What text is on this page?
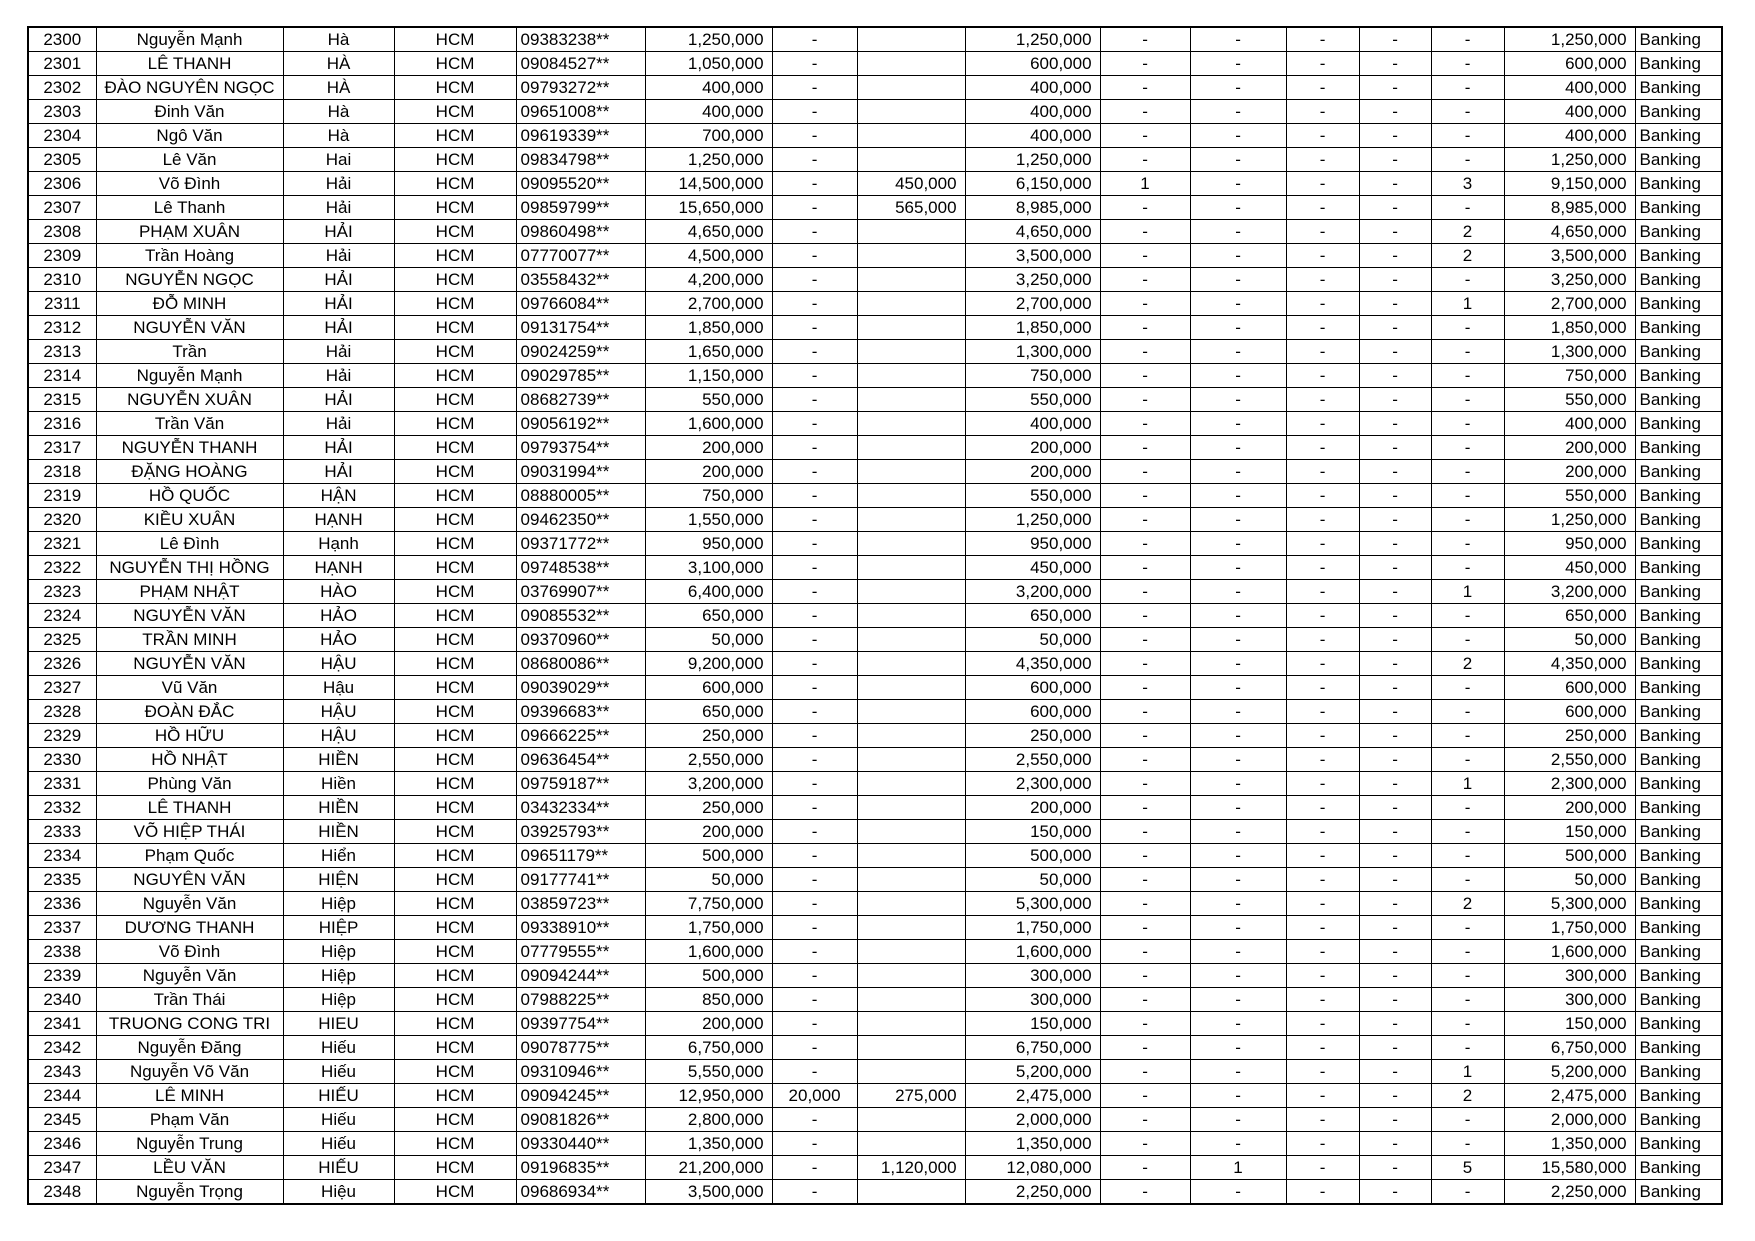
2300	Nguyễn Mạnh	Hà	HCM	09383238**	1,250,000	-		1,250,000	-	-	-	-	-	1,250,000	Banking
2301	LÊ THANH	HÀ	HCM	09084527**	1,050,000	-		600,000	-	-	-	-	-	600,000	Banking
2302	ĐÀO NGUYÊN NGỌC	HÀ	HCM	09793272**	400,000	-		400,000	-	-	-	-	-	400,000	Banking
2303	Đinh Văn	Hà	HCM	09651008**	400,000	-		400,000	-	-	-	-	-	400,000	Banking
2304	Ngô Văn	Hà	HCM	09619339**	700,000	-		400,000	-	-	-	-	-	400,000	Banking
2305	Lê Văn	Hai	HCM	09834798**	1,250,000	-		1,250,000	-	-	-	-	-	1,250,000	Banking
2306	Võ Đình	Hải	HCM	09095520**	14,500,000	-	450,000	6,150,000	1	-	-	-	3	9,150,000	Banking
2307	Lê Thanh	Hải	HCM	09859799**	15,650,000	-	565,000	8,985,000	-	-	-	-	-	8,985,000	Banking
2308	PHẠM XUÂN	HẢI	HCM	09860498**	4,650,000	-		4,650,000	-	-	-	-	2	4,650,000	Banking
2309	Trần Hoàng	Hải	HCM	07770077**	4,500,000	-		3,500,000	-	-	-	-	2	3,500,000	Banking
2310	NGUYỄN NGỌC	HẢI	HCM	03558432**	4,200,000	-		3,250,000	-	-	-	-	-	3,250,000	Banking
2311	ĐỖ MINH	HẢI	HCM	09766084**	2,700,000	-		2,700,000	-	-	-	-	1	2,700,000	Banking
2312	NGUYỄN VĂN	HẢI	HCM	09131754**	1,850,000	-		1,850,000	-	-	-	-	-	1,850,000	Banking
2313	Trần	Hải	HCM	09024259**	1,650,000	-		1,300,000	-	-	-	-	-	1,300,000	Banking
2314	Nguyễn Mạnh	Hải	HCM	09029785**	1,150,000	-		750,000	-	-	-	-	-	750,000	Banking
2315	NGUYỄN XUÂN	HẢI	HCM	08682739**	550,000	-		550,000	-	-	-	-	-	550,000	Banking
2316	Trần Văn	Hải	HCM	09056192**	1,600,000	-		400,000	-	-	-	-	-	400,000	Banking
2317	NGUYỄN THANH	HẢI	HCM	09793754**	200,000	-		200,000	-	-	-	-	-	200,000	Banking
2318	ĐẶNG HOÀNG	HẢI	HCM	09031994**	200,000	-		200,000	-	-	-	-	-	200,000	Banking
2319	HỒ QUỐC	HẬN	HCM	08880005**	750,000	-		550,000	-	-	-	-	-	550,000	Banking
2320	KIỀU XUÂN	HẠNH	HCM	09462350**	1,550,000	-		1,250,000	-	-	-	-	-	1,250,000	Banking
2321	Lê Đình	Hạnh	HCM	09371772**	950,000	-		950,000	-	-	-	-	-	950,000	Banking
2322	NGUYỄN THỊ HỒNG	HẠNH	HCM	09748538**	3,100,000	-		450,000	-	-	-	-	-	450,000	Banking
2323	PHẠM NHẬT	HÀO	HCM	03769907**	6,400,000	-		3,200,000	-	-	-	-	1	3,200,000	Banking
2324	NGUYỄN VĂN	HẢO	HCM	09085532**	650,000	-		650,000	-	-	-	-	-	650,000	Banking
2325	TRẦN MINH	HẢO	HCM	09370960**	50,000	-		50,000	-	-	-	-	-	50,000	Banking
2326	NGUYỄN VĂN	HẬU	HCM	08680086**	9,200,000	-		4,350,000	-	-	-	-	2	4,350,000	Banking
2327	Vũ Văn	Hậu	HCM	09039029**	600,000	-		600,000	-	-	-	-	-	600,000	Banking
2328	ĐOÀN ĐẮC	HẬU	HCM	09396683**	650,000	-		600,000	-	-	-	-	-	600,000	Banking
2329	HỒ HỮU	HẬU	HCM	09666225**	250,000	-		250,000	-	-	-	-	-	250,000	Banking
2330	HỒ NHẬT	HIỀN	HCM	09636454**	2,550,000	-		2,550,000	-	-	-	-	-	2,550,000	Banking
2331	Phùng Văn	Hiền	HCM	09759187**	3,200,000	-		2,300,000	-	-	-	-	1	2,300,000	Banking
2332	LÊ THANH	HIỀN	HCM	03432334**	250,000	-		200,000	-	-	-	-	-	200,000	Banking
2333	VÕ HIỆP THÁI	HIỀN	HCM	03925793**	200,000	-		150,000	-	-	-	-	-	150,000	Banking
2334	Phạm Quốc	Hiển	HCM	09651179**	500,000	-		500,000	-	-	-	-	-	500,000	Banking
2335	NGUYÊN VĂN	HIỆN	HCM	09177741**	50,000	-		50,000	-	-	-	-	-	50,000	Banking
2336	Nguyễn Văn	Hiệp	HCM	03859723**	7,750,000	-		5,300,000	-	-	-	-	2	5,300,000	Banking
2337	DƯƠNG THANH	HIỆP	HCM	09338910**	1,750,000	-		1,750,000	-	-	-	-	-	1,750,000	Banking
2338	Võ Đình	Hiệp	HCM	07779555**	1,600,000	-		1,600,000	-	-	-	-	-	1,600,000	Banking
2339	Nguyễn Văn	Hiệp	HCM	09094244**	500,000	-		300,000	-	-	-	-	-	300,000	Banking
2340	Trần Thái	Hiệp	HCM	07988225**	850,000	-		300,000	-	-	-	-	-	300,000	Banking
2341	TRUONG CONG TRI	HIEU	HCM	09397754**	200,000	-		150,000	-	-	-	-	-	150,000	Banking
2342	Nguyễn Đăng	Hiếu	HCM	09078775**	6,750,000	-		6,750,000	-	-	-	-	-	6,750,000	Banking
2343	Nguyễn Võ Văn	Hiếu	HCM	09310946**	5,550,000	-		5,200,000	-	-	-	-	1	5,200,000	Banking
2344	LÊ MINH	HIẾU	HCM	09094245**	12,950,000	20,000	275,000	2,475,000	-	-	-	-	2	2,475,000	Banking
2345	Phạm Văn	Hiếu	HCM	09081826**	2,800,000	-		2,000,000	-	-	-	-	-	2,000,000	Banking
2346	Nguyễn Trung	Hiếu	HCM	09330440**	1,350,000	-		1,350,000	-	-	-	-	-	1,350,000	Banking
2347	LỀU VĂN	HIẾU	HCM	09196835**	21,200,000	-	1,120,000	12,080,000	-	1	-	-	5	15,580,000	Banking
2348	Nguyễn Trọng	Hiệu	HCM	09686934**	3,500,000	-		2,250,000	-	-	-	-	-	2,250,000	Banking
